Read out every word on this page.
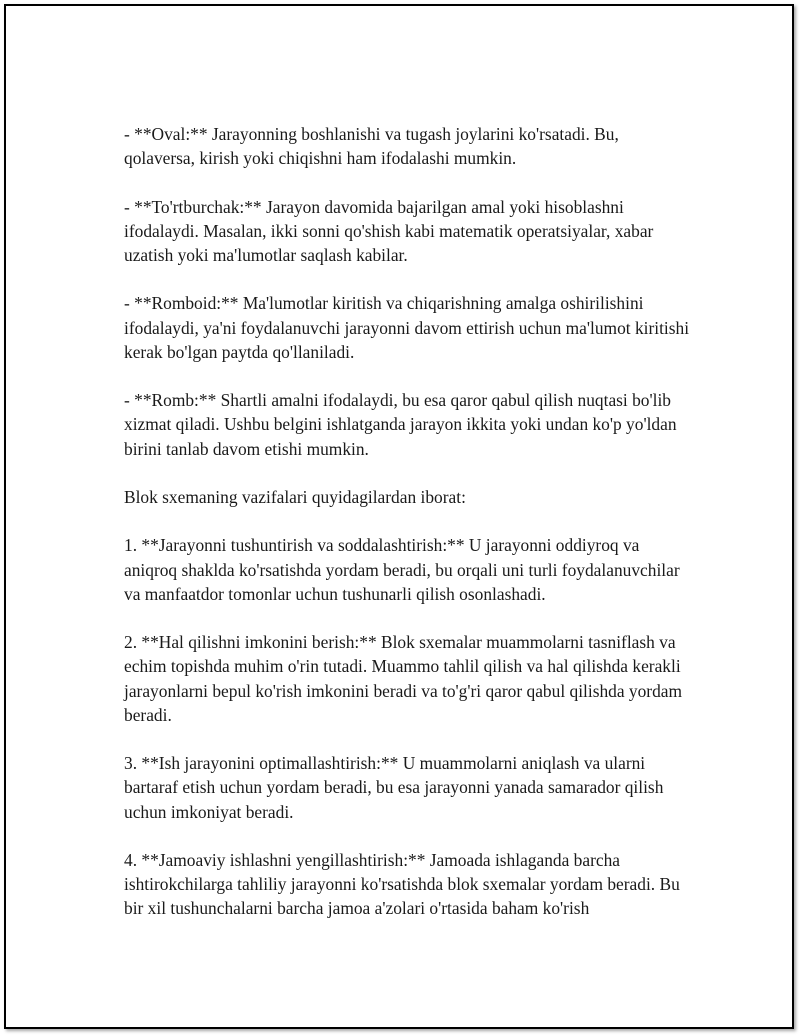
- **Oval:** Jarayonning boshlanishi va tugash joylarini ko'rsatadi. Bu, qolaversa, kirish yoki chiqishni ham ifodalashi mumkin.

- **To'rtburchak:** Jarayon davomida bajarilgan amal yoki hisoblashni ifodalaydi. Masalan, ikki sonni qo'shish kabi matematik operatsiyalar, xabar uzatish yoki ma'lumotlar saqlash kabilar.

- **Romboid:** Ma'lumotlar kiritish va chiqarishning amalga oshirilishini ifodalaydi, ya'ni foydalanuvchi jarayonni davom ettirish uchun ma'lumot kiritishi kerak bo'lgan paytda qo'llaniladi.

- **Romb:** Shartli amalni ifodalaydi, bu esa qaror qabul qilish nuqtasi bo'lib xizmat qiladi. Ushbu belgini ishlatganda jarayon ikkita yoki undan ko'p yo'ldan birini tanlab davom etishi mumkin.

Blok sxemaning vazifalari quyidagilardan iborat:

1. **Jarayonni tushuntirish va soddalashtirish:** U jarayonni oddiyroq va aniqroq shaklda ko'rsatishda yordam beradi, bu orqali uni turli foydalanuvchilar va manfaatdor tomonlar uchun tushunarli qilish osonlashadi.

2. **Hal qilishni imkonini berish:** Blok sxemalar muammolarni tasniflash va echim topishda muhim o'rin tutadi. Muammo tahlil qilish va hal qilishda kerakli jarayonlarni bepul ko'rish imkonini beradi va to'g'ri qaror qabul qilishda yordam beradi.

3. **Ish jarayonini optimallashtirish:** U muammolarni aniqlash va ularni bartaraf etish uchun yordam beradi, bu esa jarayonni yanada samarador qilish uchun imkoniyat beradi.

4. **Jamoaviy ishlashni yengillashtirish:** Jamoada ishlaganda barcha ishtirokchilarga tahliliy jarayonni ko'rsatishda blok sxemalar yordam beradi. Bu bir xil tushunchalarni barcha jamoa a'zolari o'rtasida baham ko'rish
